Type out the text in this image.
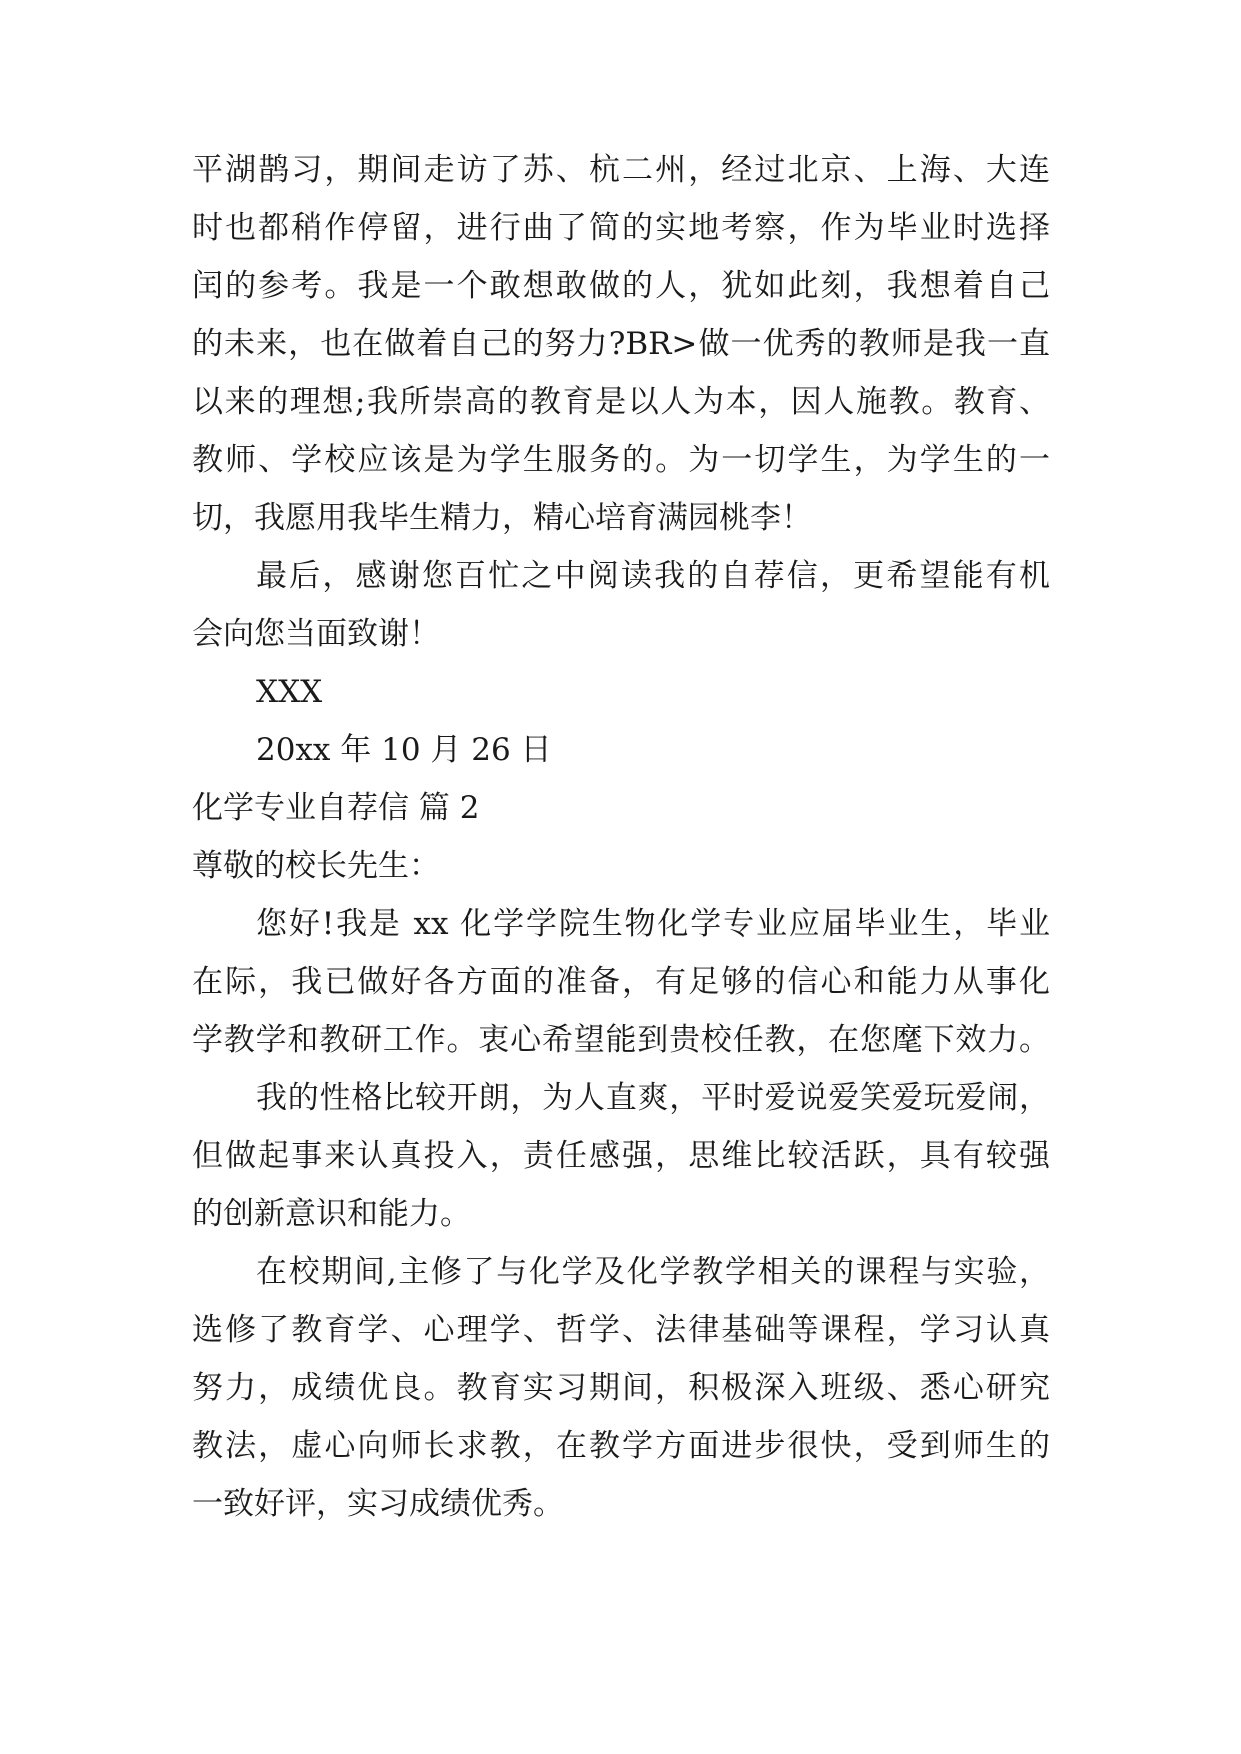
平湖鹊习，期间走访了苏、杭二州，经过北京、上海、大连
时也都稍作停留，进行曲了简的实地考察，作为毕业时选择
闰的参考。我是一个敢想敢做的人，犹如此刻，我想着自己
的未来，也在做着自己的努力?BR>做一优秀的教师是我一直
以来的理想;我所崇高的教育是以人为本，因人施教。教育、
教师、学校应该是为学生服务的。为一切学生，为学生的一
切，我愿用我毕生精力，精心培育满园桃李！
最后，感谢您百忙之中阅读我的自荐信，更希望能有机
会向您当面致谢！
XXX
20xx 年 10 月 26 日
化学专业自荐信 篇 2
尊敬的校长先生：
您好!我是 xx 化学学院生物化学专业应届毕业生，毕业
在际，我已做好各方面的准备，有足够的信心和能力从事化
学教学和教研工作。衷心希望能到贵校任教，在您麾下效力。
我的性格比较开朗，为人直爽，平时爱说爱笑爱玩爱闹，
但做起事来认真投入，责任感强，思维比较活跃，具有较强
的创新意识和能力。
在校期间,主修了与化学及化学教学相关的课程与实验，
选修了教育学、心理学、哲学、法律基础等课程，学习认真
努力，成绩优良。教育实习期间，积极深入班级、悉心研究
教法，虚心向师长求教，在教学方面进步很快，受到师生的
一致好评，实习成绩优秀。
